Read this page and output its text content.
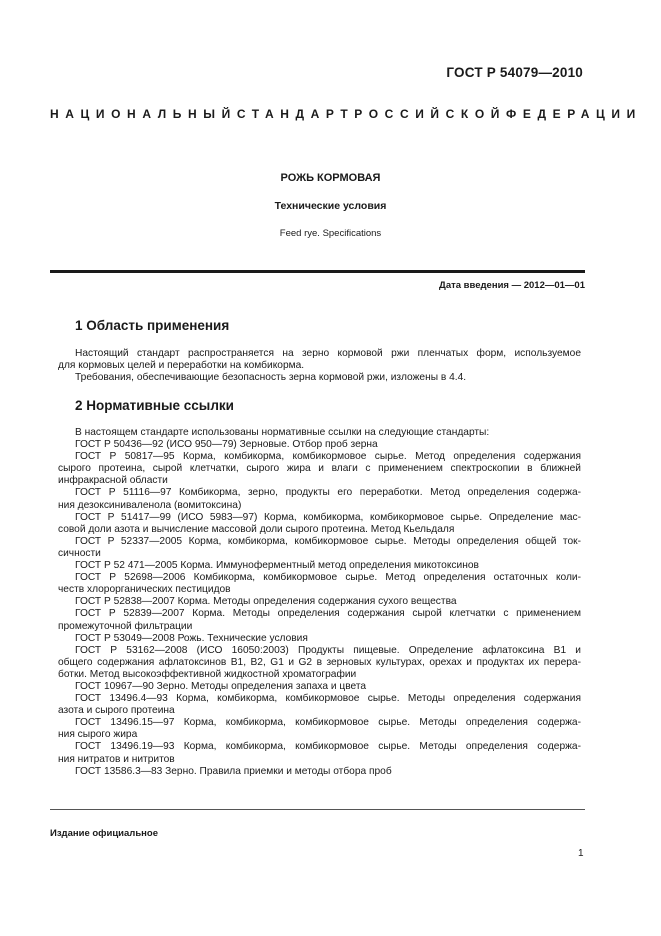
ГОСТ Р 54079—2010
НАЦИОНАЛЬНЫЙ СТАНДАРТ РОССИЙСКОЙ ФЕДЕРАЦИИ
РОЖЬ КОРМОВАЯ
Технические условия
Feed rye. Specifications
Дата введения — 2012—01—01
1 Область применения
Настоящий стандарт распространяется на зерно кормовой ржи пленчатых форм, используемое
для кормовых целей и переработки на комбикорма.
Требования, обеспечивающие безопасность зерна кормовой ржи, изложены в 4.4.
2 Нормативные ссылки
В настоящем стандарте использованы нормативные ссылки на следующие стандарты:
ГОСТ Р 50436—92 (ИСО 950—79) Зерновые. Отбор проб зерна
ГОСТ Р 50817—95 Корма, комбикорма, комбикормовое сырье. Метод определения содержания
сырого протеина, сырой клетчатки, сырого жира и влаги с применением спектроскопии в ближней
инфракрасной области
ГОСТ Р 51116—97 Комбикорма, зерно, продукты его переработки. Метод определения содержа-
ния дезоксиниваленола (вомитоксина)
ГОСТ Р 51417—99 (ИСО 5983—97) Корма, комбикорма, комбикормовое сырье. Определение мас-
совой доли азота и вычисление массовой доли сырого протеина. Метод Кьельдаля
ГОСТ Р 52337—2005 Корма, комбикорма, комбикормовое сырье. Методы определения общей ток-
сичности
ГОСТ Р 52 471—2005 Корма. Иммуноферментный метод определения микотоксинов
ГОСТ Р 52698—2006 Комбикорма, комбикормовое сырье. Метод определения остаточных коли-
честв хлорорганических пестицидов
ГОСТ Р 52838—2007 Корма. Методы определения содержания сухого вещества
ГОСТ Р 52839—2007 Корма. Методы определения содержания сырой клетчатки с применением
промежуточной фильтрации
ГОСТ Р 53049—2008 Рожь. Технические условия
ГОСТ Р 53162—2008 (ИСО 16050:2003) Продукты пищевые. Определение афлатоксина В1 и
общего содержания афлатоксинов В1, В2, G1 и G2 в зерновых культурах, орехах и продуктах их перера-
ботки. Метод высокоэффективной жидкостной хроматографии
ГОСТ 10967—90 Зерно. Методы определения запаха и цвета
ГОСТ 13496.4—93 Корма, комбикорма, комбикормовое сырье. Методы определения содержания
азота и сырого протеина
ГОСТ 13496.15—97 Корма, комбикорма, комбикормовое сырье. Методы определения содержа-
ния сырого жира
ГОСТ 13496.19—93 Корма, комбикорма, комбикормовое сырье. Методы определения содержа-
ния нитратов и нитритов
ГОСТ 13586.3—83 Зерно. Правила приемки и методы отбора проб
Издание официальное
1
